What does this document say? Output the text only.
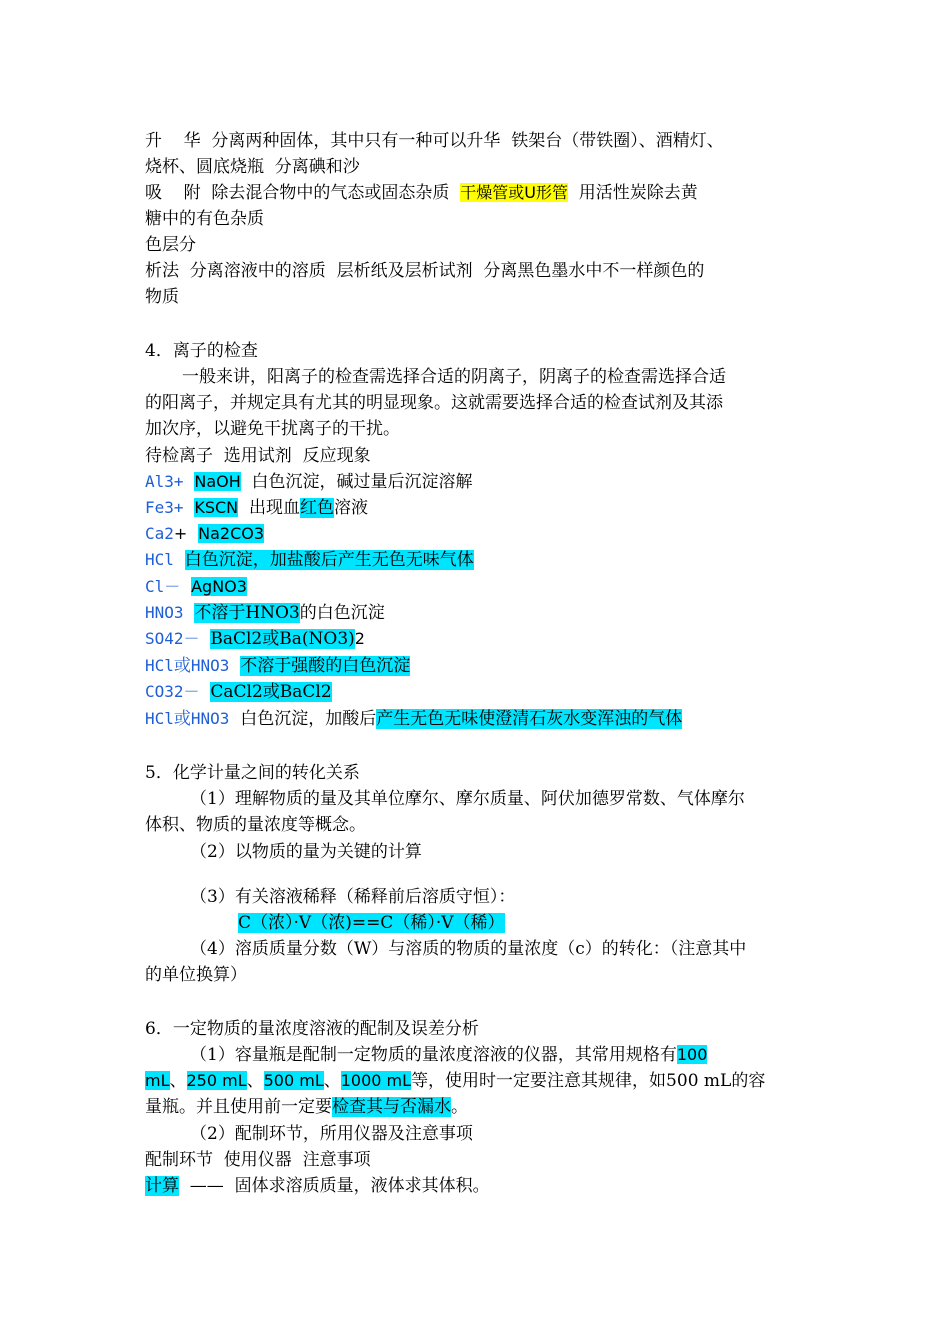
升    华  分离两种固体，其中只有一种可以升华  铁架台（带铁圈）、酒精灯、
烧杯、圆底烧瓶  分离碘和沙
吸    附  除去混合物中的气态或固态杂质  干燥管或U形管  用活性炭除去黄
糖中的有色杂质
色层分
析法  分离溶液中的溶质  层析纸及层析试剂  分离黑色墨水中不一样颜色的
物质
4．离子的检查
一般来讲，阳离子的检查需选择合适的阴离子，阴离子的检查需选择合适
的阳离子，并规定具有尤其的明显现象。这就需要选择合适的检查试剂及其添
加次序，以避免干扰离子的干扰。
待检离子  选用试剂  反应现象
Al3+ NaOH  白色沉淀，碱过量后沉淀溶解
Fe3+ KSCN  出现血红色溶液
Ca2+ Na2CO3
HCl 白色沉淀，加盐酸后产生无色无味气体
Cl－ AgNO3
HNO3 不溶于HNO3的白色沉淀
SO42－ BaCl2或Ba(NO3)2
HCl或HNO3 不溶于强酸的白色沉淀
CO32－ CaCl2或BaCl2
HCl或HNO3  白色沉淀，加酸后产生无色无味使澄清石灰水变浑浊的气体
5．化学计量之间的转化关系
（1）理解物质的量及其单位摩尔、摩尔质量、阿伏加德罗常数、气体摩尔
体积、物质的量浓度等概念。
（2）以物质的量为关键的计算
（3）有关溶液稀释（稀释前后溶质守恒）：
C（浓）·V（浓)==C（稀）·V（稀）
（4）溶质质量分数（W）与溶质的物质的量浓度（c）的转化：（注意其中
的单位换算）
6．一定物质的量浓度溶液的配制及误差分析
（1）容量瓶是配制一定物质的量浓度溶液的仪器，其常用规格有100
mL、250 mL、500 mL、1000 mL等，使用时一定要注意其规律，如500 mL的容
量瓶。并且使用前一定要检查其与否漏水。
（2）配制环节，所用仪器及注意事项
配制环节  使用仪器  注意事项
计算  ——  固体求溶质质量，液体求其体积。
